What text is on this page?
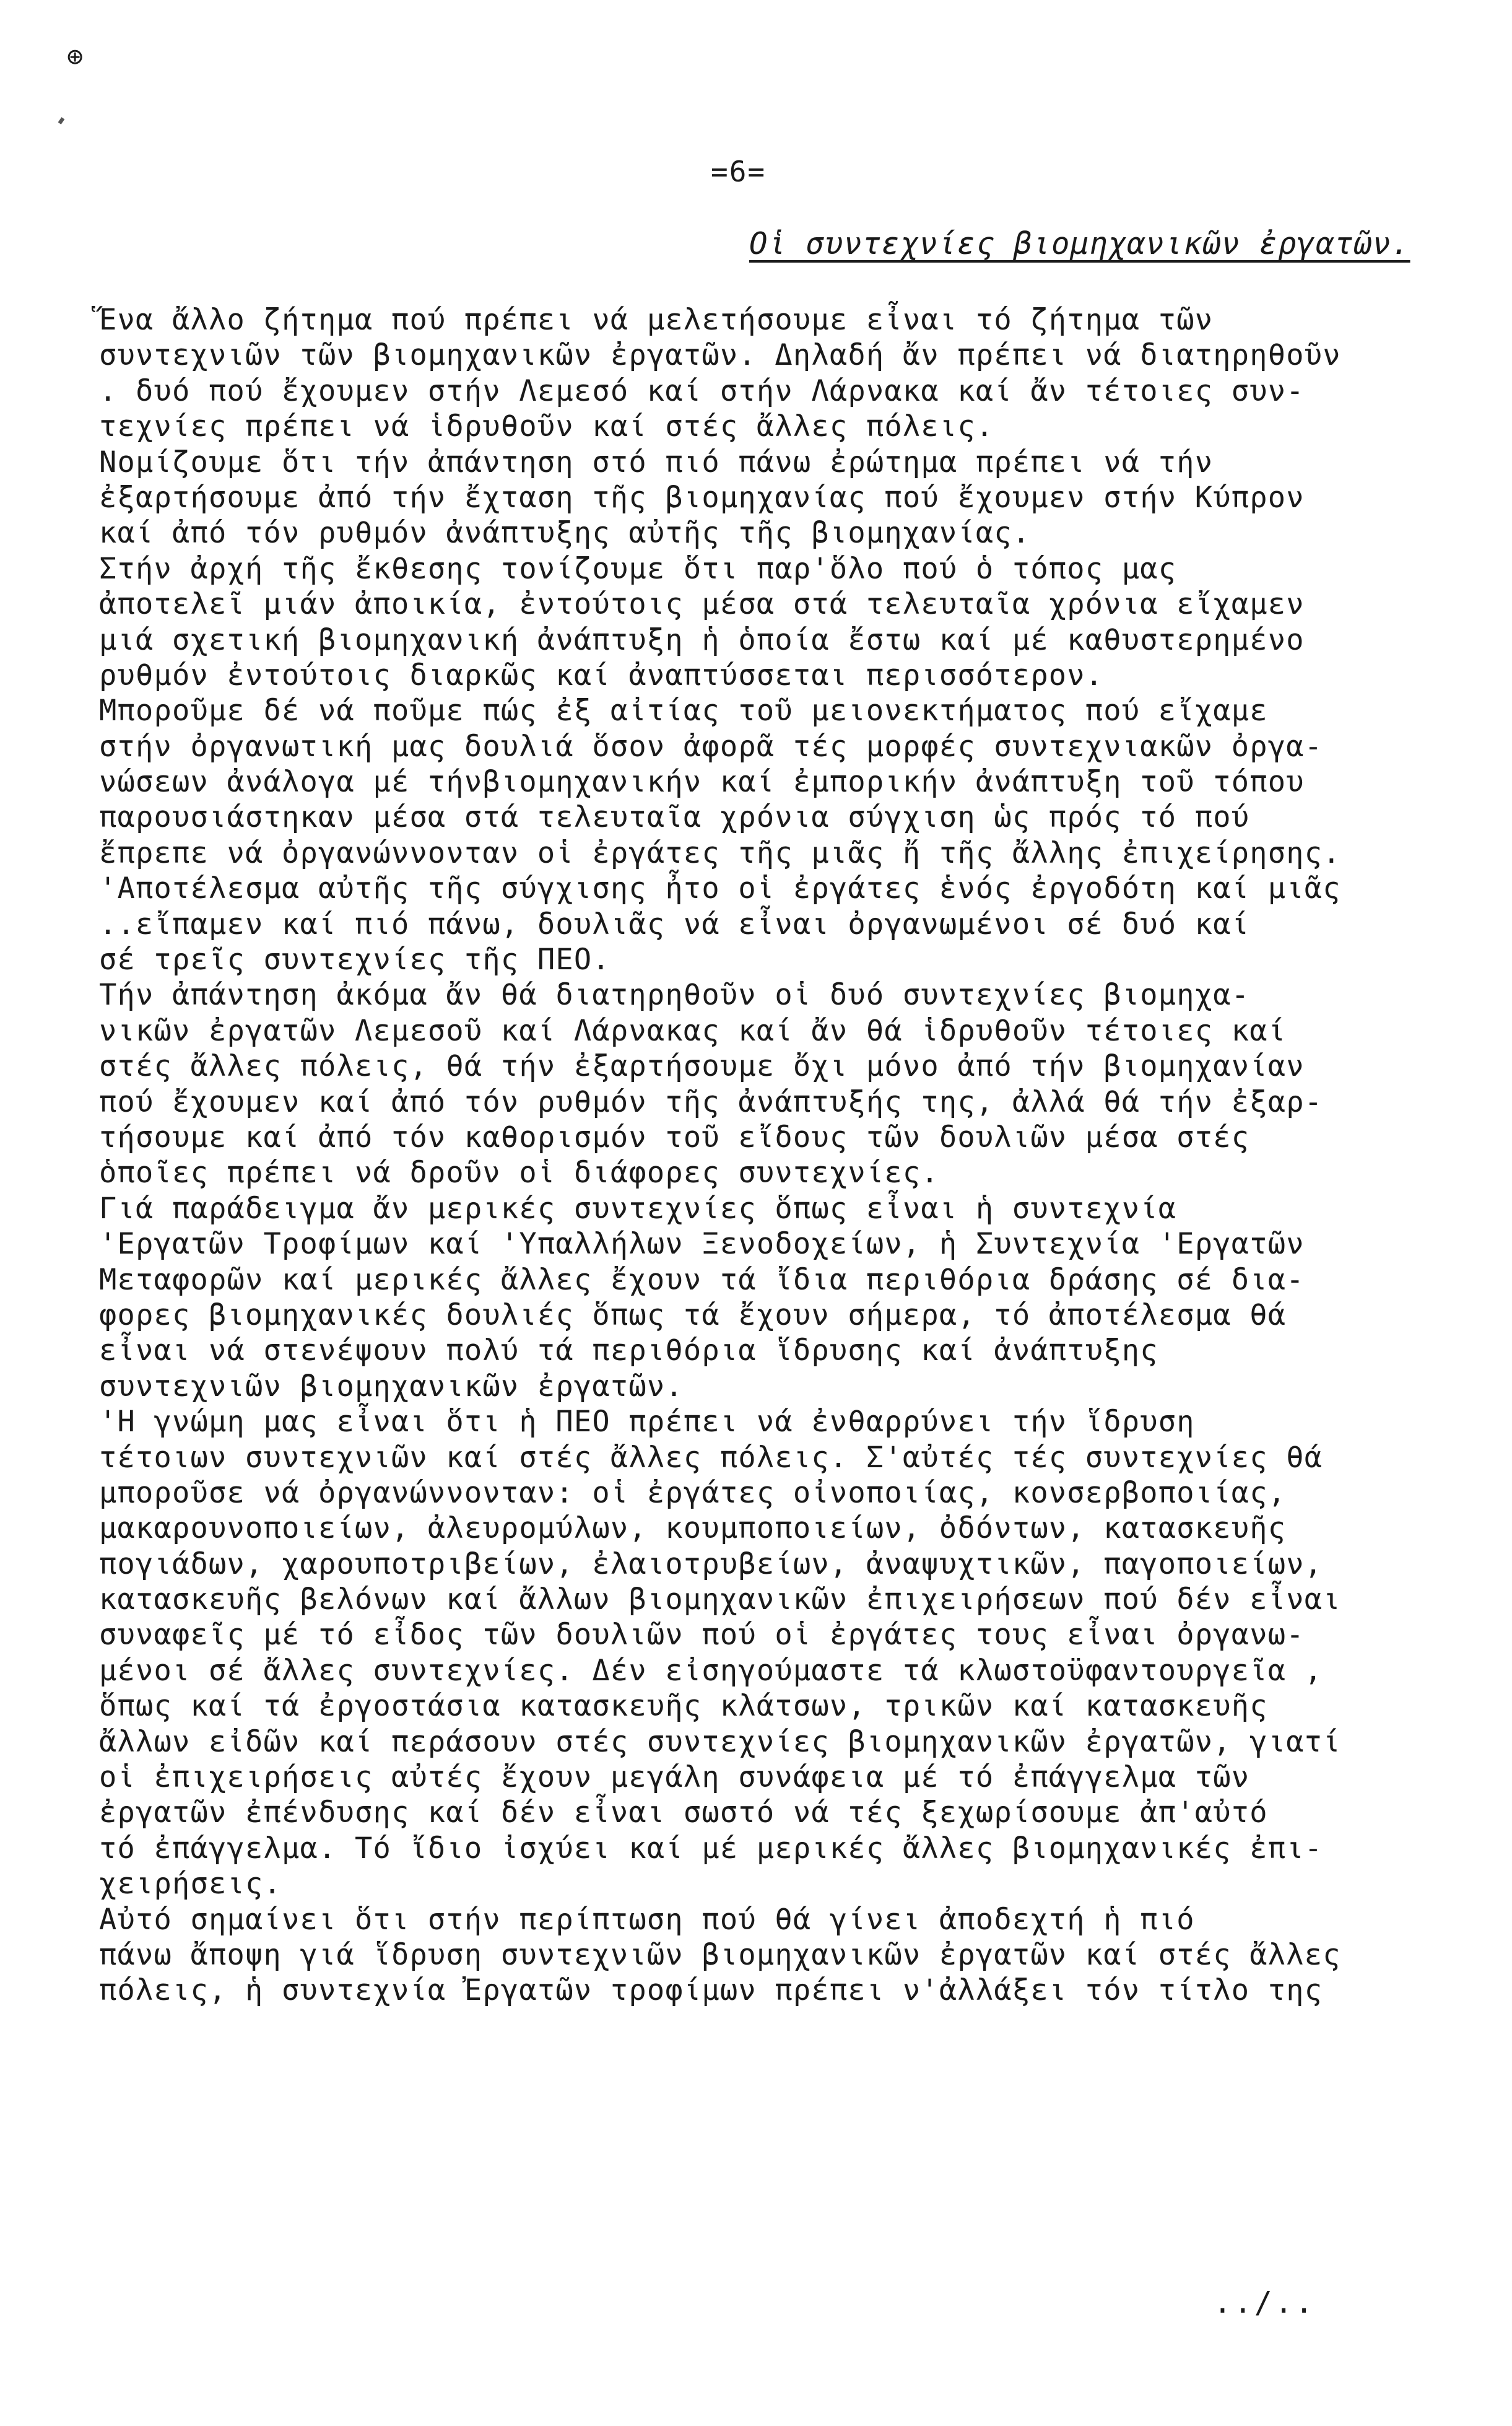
⊕
=6=
Οἱ συντεχνίες βιομηχανικῶν ἐργατῶν.
Ἕνα ἄλλο ζήτημα πού πρέπει νά μελετήσουμε εἶναι τό ζήτημα τῶν
συντεχνιῶν τῶν βιομηχανικῶν ἐργατῶν. Δηλαδή ἄν πρέπει νά διατηρηθοῦν
. δυό πού ἔχουμεν στήν Λεμεσό καί στήν Λάρνακα καί ἄν τέτοιες συν-
τεχνίες πρέπει νά ἱδρυθοῦν καί στές ἄλλες πόλεις.
Νομίζουμε ὅτι τήν ἀπάντηση στό πιό πάνω ἐρώτημα πρέπει νά τήν
ἐξαρτήσουμε ἀπό τήν ἔχταση τῆς βιομηχανίας πού ἔχουμεν στήν Κύπρον
καί ἀπό τόν ρυθμόν ἀνάπτυξης αὐτῆς τῆς βιομηχανίας.
Στήν ἀρχή τῆς ἔκθεσης τονίζουμε ὅτι παρ'ὅλο πού ὁ τόπος μας
ἀποτελεῖ μιάν ἀποικία, ἐντούτοις μέσα στά τελευταῖα χρόνια εἴχαμεν
μιά σχετική βιομηχανική ἀνάπτυξη ἡ ὁποία ἔστω καί μέ καθυστερημένο
ρυθμόν ἐντούτοις διαρκῶς καί ἀναπτύσσεται περισσότερον.
Μποροῦμε δέ νά ποῦμε πώς ἐξ αἰτίας τοῦ μειονεκτήματος πού εἴχαμε
στήν ὀργανωτική μας δουλιά ὅσον ἀφορᾶ τές μορφές συντεχνιακῶν ὀργα-
νώσεων ἀνάλογα μέ τήνβιομηχανικήν καί ἐμπορικήν ἀνάπτυξη τοῦ τόπου
παρουσιάστηκαν μέσα στά τελευταῖα χρόνια σύγχιση ὡς πρός τό πού
ἔπρεπε νά ὀργανώννονταν οἱ ἐργάτες τῆς μιᾶς ἤ τῆς ἄλλης ἐπιχείρησης.
'Αποτέλεσμα αὐτῆς τῆς σύγχισης ἦτο οἱ ἐργάτες ἑνός ἐργοδότη καί μιᾶς
..εἴπαμεν καί πιό πάνω, δουλιᾶς νά εἶναι ὀργανωμένοι σέ δυό καί
σέ τρεῖς συντεχνίες τῆς ΠΕΟ.
Τήν ἀπάντηση ἀκόμα ἄν θά διατηρηθοῦν οἱ δυό συντεχνίες βιομηχα-
νικῶν ἐργατῶν Λεμεσοῦ καί Λάρνακας καί ἄν θά ἱδρυθοῦν τέτοιες καί
στές ἄλλες πόλεις, θά τήν ἐξαρτήσουμε ὄχι μόνο ἀπό τήν βιομηχανίαν
πού ἔχουμεν καί ἀπό τόν ρυθμόν τῆς ἀνάπτυξής της, ἀλλά θά τήν ἐξαρ-
τήσουμε καί ἀπό τόν καθορισμόν τοῦ εἴδους τῶν δουλιῶν μέσα στές
ὁποῖες πρέπει νά δροῦν οἱ διάφορες συντεχνίες.
Γιά παράδειγμα ἄν μερικές συντεχνίες ὅπως εἶναι ἡ συντεχνία
'Εργατῶν Τροφίμων καί 'Υπαλλήλων Ξενοδοχείων, ἡ Συντεχνία 'Εργατῶν
Μεταφορῶν καί μερικές ἄλλες ἔχουν τά ἴδια περιθόρια δράσης σέ δια-
φορες βιομηχανικές δουλιές ὅπως τά ἔχουν σήμερα, τό ἀποτέλεσμα θά
εἶναι νά στενέψουν πολύ τά περιθόρια ἵδρυσης καί ἀνάπτυξης
συντεχνιῶν βιομηχανικῶν ἐργατῶν.
'Η γνώμη μας εἶναι ὅτι ἡ ΠΕΟ πρέπει νά ἐνθαρρύνει τήν ἵδρυση
τέτοιων συντεχνιῶν καί στές ἄλλες πόλεις. Σ'αὐτές τές συντεχνίες θά
μποροῦσε νά ὀργανώννονταν: οἱ ἐργάτες οἰνοποιίας, κονσερβοποιίας,
μακαρουνοποιείων, ἀλευρομύλων, κουμποποιείων, ὀδόντων, κατασκευῆς
πογιάδων, χαρουποτριβείων, ἐλαιοτρυβείων, ἀναψυχτικῶν, παγοποιείων,
κατασκευῆς βελόνων καί ἄλλων βιομηχανικῶν ἐπιχειρήσεων πού δέν εἶναι
συναφεῖς μέ τό εἶδος τῶν δουλιῶν πού οἱ ἐργάτες τους εἶναι ὀργανω-
μένοι σέ ἄλλες συντεχνίες. Δέν εἰσηγούμαστε τά κλωστοϋφαντουργεῖα ,
ὅπως καί τά ἐργοστάσια κατασκευῆς κλάτσων, τρικῶν καί κατασκευῆς
ἄλλων εἰδῶν καί περάσουν στές συντεχνίες βιομηχανικῶν ἐργατῶν, γιατί
οἱ ἐπιχειρήσεις αὐτές ἔχουν μεγάλη συνάφεια μέ τό ἐπάγγελμα τῶν
ἐργατῶν ἐπένδυσης καί δέν εἶναι σωστό νά τές ξεχωρίσουμε ἀπ'αὐτό
τό ἐπάγγελμα. Τό ἴδιο ἰσχύει καί μέ μερικές ἄλλες βιομηχανικές ἐπι-
χειρήσεις.
Αὐτό σημαίνει ὅτι στήν περίπτωση πού θά γίνει ἀποδεχτή ἡ πιό
πάνω ἄποψη γιά ἵδρυση συντεχνιῶν βιομηχανικῶν ἐργατῶν καί στές ἄλλες
πόλεις, ἡ συντεχνία Ἐργατῶν τροφίμων πρέπει ν'ἀλλάξει τόν τίτλο της
../..
